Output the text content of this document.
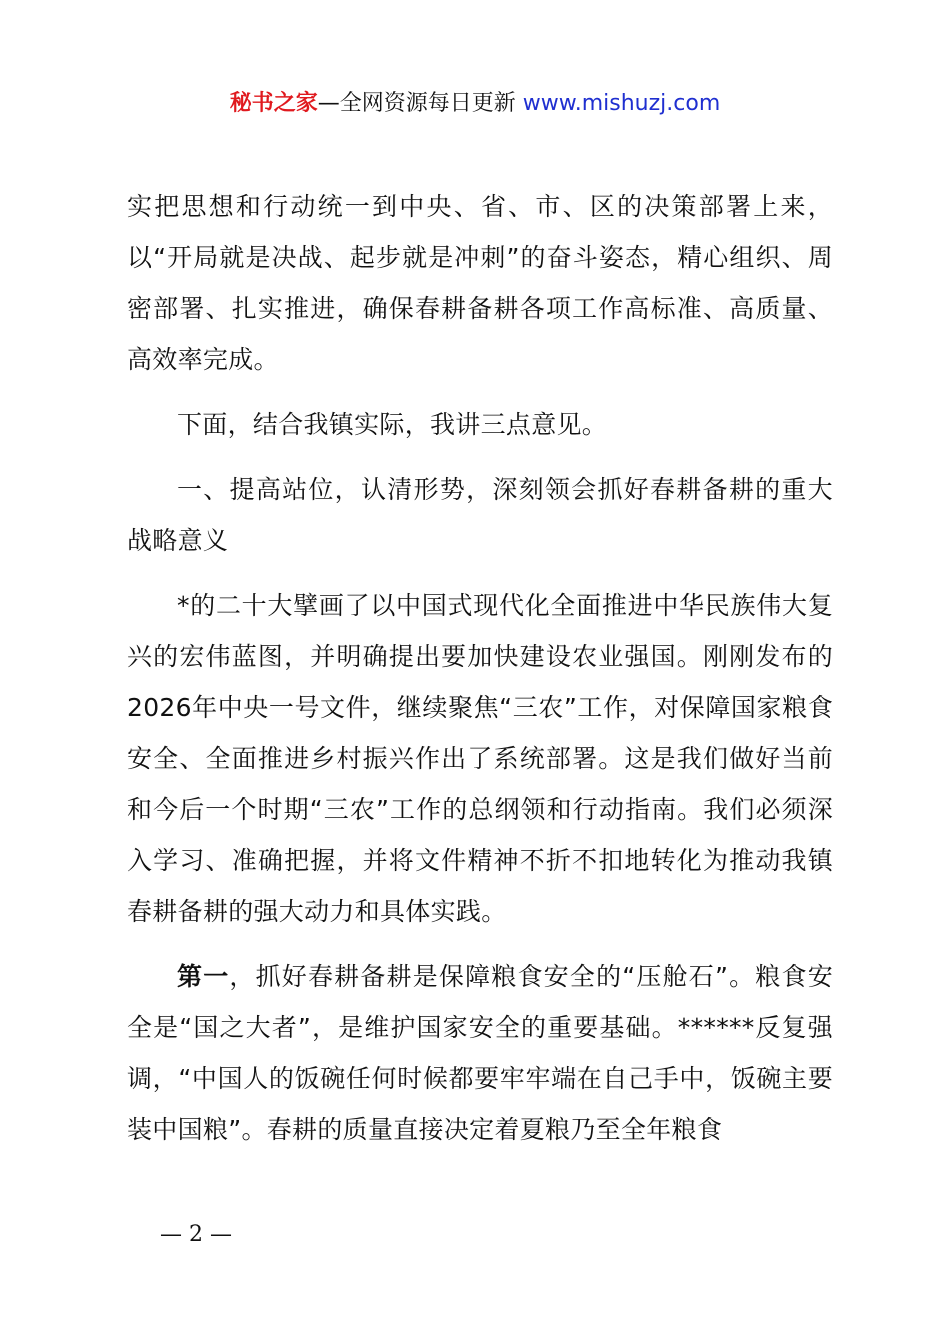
秘书之家—全网资源每日更新 www.mishuzj.com

实把思想和行动统一到中央、省、市、区的决策部署上来，以“开局就是决战、起步就是冲刺”的奋斗姿态，精心组织、周密部署、扎实推进，确保春耕备耕各项工作高标准、高质量、高效率完成。

下面，结合我镇实际，我讲三点意见。

一、提高站位，认清形势，深刻领会抓好春耕备耕的重大战略意义

*的二十大擘画了以中国式现代化全面推进中华民族伟大复兴的宏伟蓝图，并明确提出要加快建设农业强国。刚刚发布的2026年中央一号文件，继续聚焦“三农”工作，对保障国家粮食安全、全面推进乡村振兴作出了系统部署。这是我们做好当前和今后一个时期“三农”工作的总纲领和行动指南。我们必须深入学习、准确把握，并将文件精神不折不扣地转化为推动我镇春耕备耕的强大动力和具体实践。

第一，抓好春耕备耕是保障粮食安全的“压舱石”。粮食安全是“国之大者”，是维护国家安全的重要基础。******反复强调，“中国人的饭碗任何时候都要牢牢端在自己手中，饭碗主要装中国粮”。春耕的质量直接决定着夏粮乃至全年粮食

— 2 —
